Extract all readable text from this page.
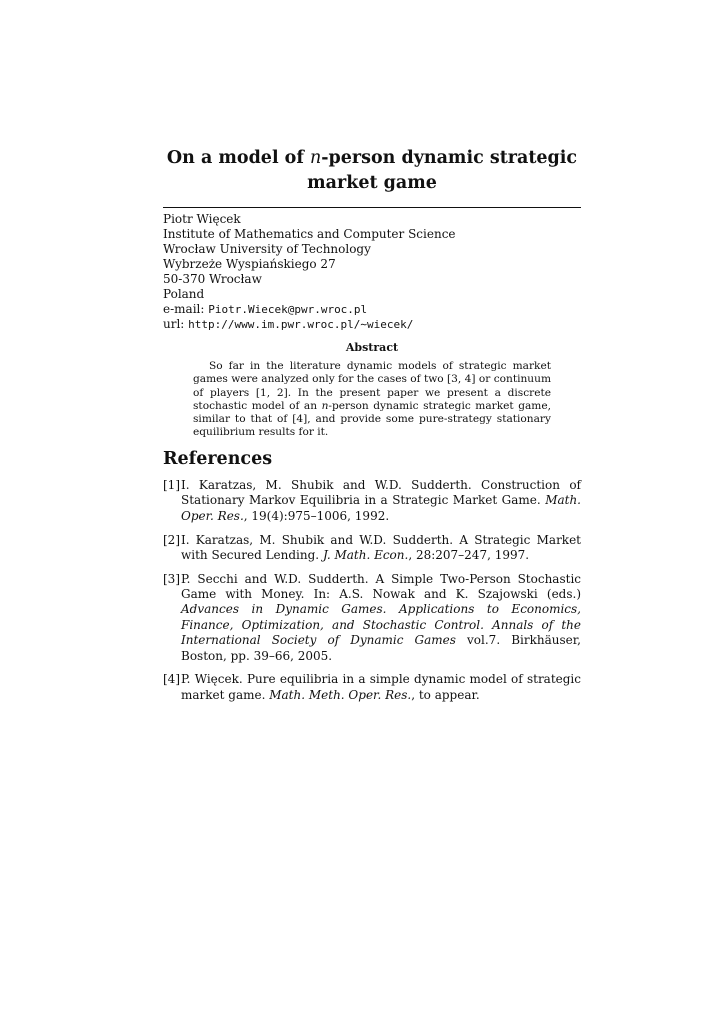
On a model of n-person dynamic strategic
market game
Piotr Więcek
Institute of Mathematics and Computer Science
Wrocław University of Technology
Wybrzeże Wyspiańskiego 27
50-370 Wrocław
Poland
e-mail: Piotr.Wiecek@pwr.wroc.pl
url: http://www.im.pwr.wroc.pl/∼wiecek/
Abstract

So far in the literature dynamic models of strategic market games were analyzed only for the cases of two [3, 4] or continuum of players [1, 2]. In the present paper we present a discrete stochastic model of an n-person dynamic strategic market game, similar to that of [4], and provide some pure-strategy stationary equilibrium results for it.

References
[1] I. Karatzas, M. Shubik and W.D. Sudderth. Construction of Stationary Markov Equilibria in a Strategic Market Game. Math. Oper. Res., 19(4):975–1006, 1992.
[2] I. Karatzas, M. Shubik and W.D. Sudderth. A Strategic Market with Secured Lending. J. Math. Econ., 28:207–247, 1997.
[3] P. Secchi and W.D. Sudderth. A Simple Two-Person Stochastic Game with Money. In: A.S. Nowak and K. Szajowski (eds.) Advances in Dynamic Games. Applications to Economics, Finance, Optimization, and Stochastic Control. Annals of the International Society of Dynamic Games vol.7. Birkhäuser, Boston, pp. 39–66, 2005.
[4] P. Więcek. Pure equilibria in a simple dynamic model of strategic market game. Math. Meth. Oper. Res., to appear.
